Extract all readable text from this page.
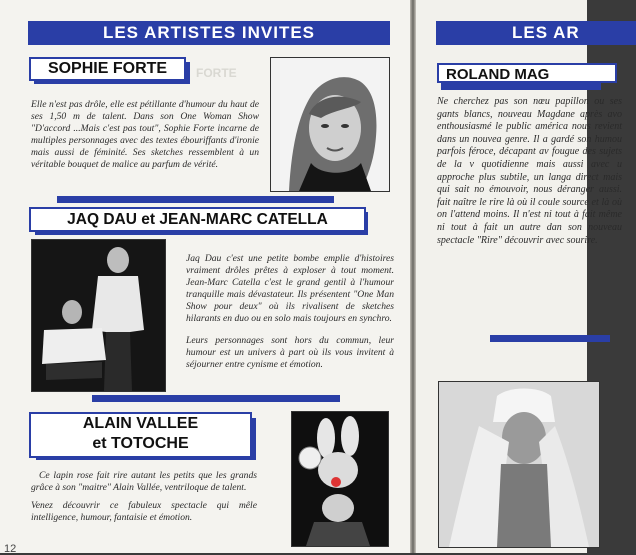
LES ARTISTES INVITES
SOPHIE FORTE	FORTE

Elle n'est pas drôle, elle est pétillante d'humour du haut de ses 1,50 m de talent. Dans son One Woman Show "D'accord ...Mais c'est pas tout", Sophie Forte incarne de multiples personnages avec des textes ébouriffants d'ironie mais aussi de féminité. Ses sketches ressemblent à un véritable bouquet de malice au parfum de vérité.

JAQ DAU et JEAN-MARC CATELLA

Jaq Dau c'est une petite bombe emplie d'histoires vraiment drôles prêtes à exploser à tout moment. Jean-Marc Catella c'est le grand gentil à l'humour tranquille mais dévastateur. Ils présentent "One Man Show pour deux" où ils rivalisent de sketches hilarants en duo ou en solo mais toujours en synchro.

Leurs personnages sont hors du commun, leur humour est un univers à part où ils vous invitent à séjourner entre cynisme et émotion.

ALAIN VALLEE
et TOTOCHE

Ce lapin rose fait rire autant les petits que les grands grâce à son "maitre" Alain Vallée, ventriloque de talent.

Venez découvrir ce fabuleux spectacle qui mêle intelligence, humour, fantaisie et émotion.

12
LES AR
ROLAND MAG

Ne cherchez pas son nœu papillon ou ses gants blancs, nouveau Magdane après avo enthousiasmé le public américa nous revient dans un nouvea genre. Il a gardé son humou parfois féroce, décapant av fougue des sujets de la v quotidienne mais aussi avec u approche plus subtile, un langa direct mais qui sait no émouvoir, nous déranger aussi. fait naître le rire là où il coule source et là où on l'attend moins. Il n'est ni tout à fait même ni tout à fait un autre dan son nouveau spectacle "Rire" découvrir avec sourire.
